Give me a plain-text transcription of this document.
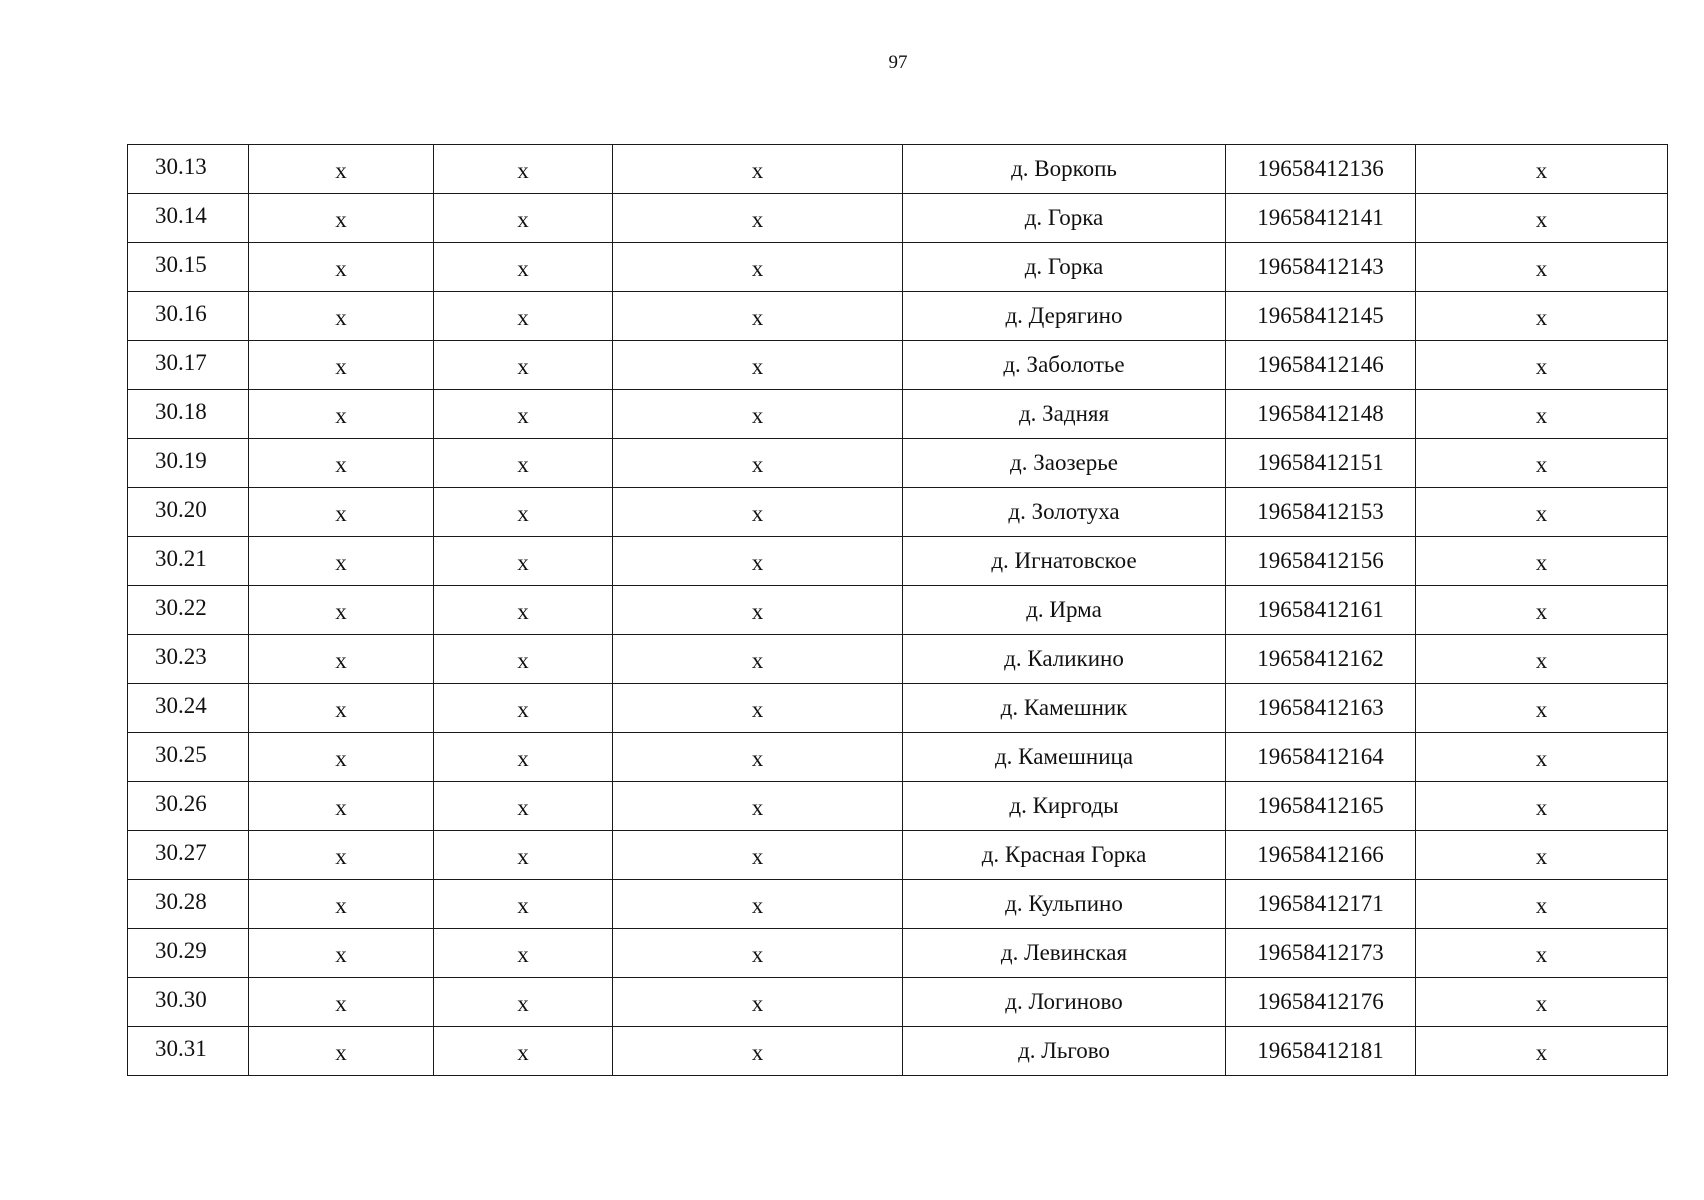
97
30.13	х	х	х	д. Воркопь	19658412136	х
30.14	х	х	х	д. Горка	19658412141	х
30.15	х	х	х	д. Горка	19658412143	х
30.16	х	х	х	д. Дерягино	19658412145	х
30.17	х	х	х	д. Заболотье	19658412146	х
30.18	х	х	х	д. Задняя	19658412148	х
30.19	х	х	х	д. Заозерье	19658412151	х
30.20	х	х	х	д. Золотуха	19658412153	х
30.21	х	х	х	д. Игнатовское	19658412156	х
30.22	х	х	х	д. Ирма	19658412161	х
30.23	х	х	х	д. Каликино	19658412162	х
30.24	х	х	х	д. Камешник	19658412163	х
30.25	х	х	х	д. Камешница	19658412164	х
30.26	х	х	х	д. Киргоды	19658412165	х
30.27	х	х	х	д. Красная Горка	19658412166	х
30.28	х	х	х	д. Кульпино	19658412171	х
30.29	х	х	х	д. Левинская	19658412173	х
30.30	х	х	х	д. Логиново	19658412176	х
30.31	х	х	х	д. Льгово	19658412181	х
